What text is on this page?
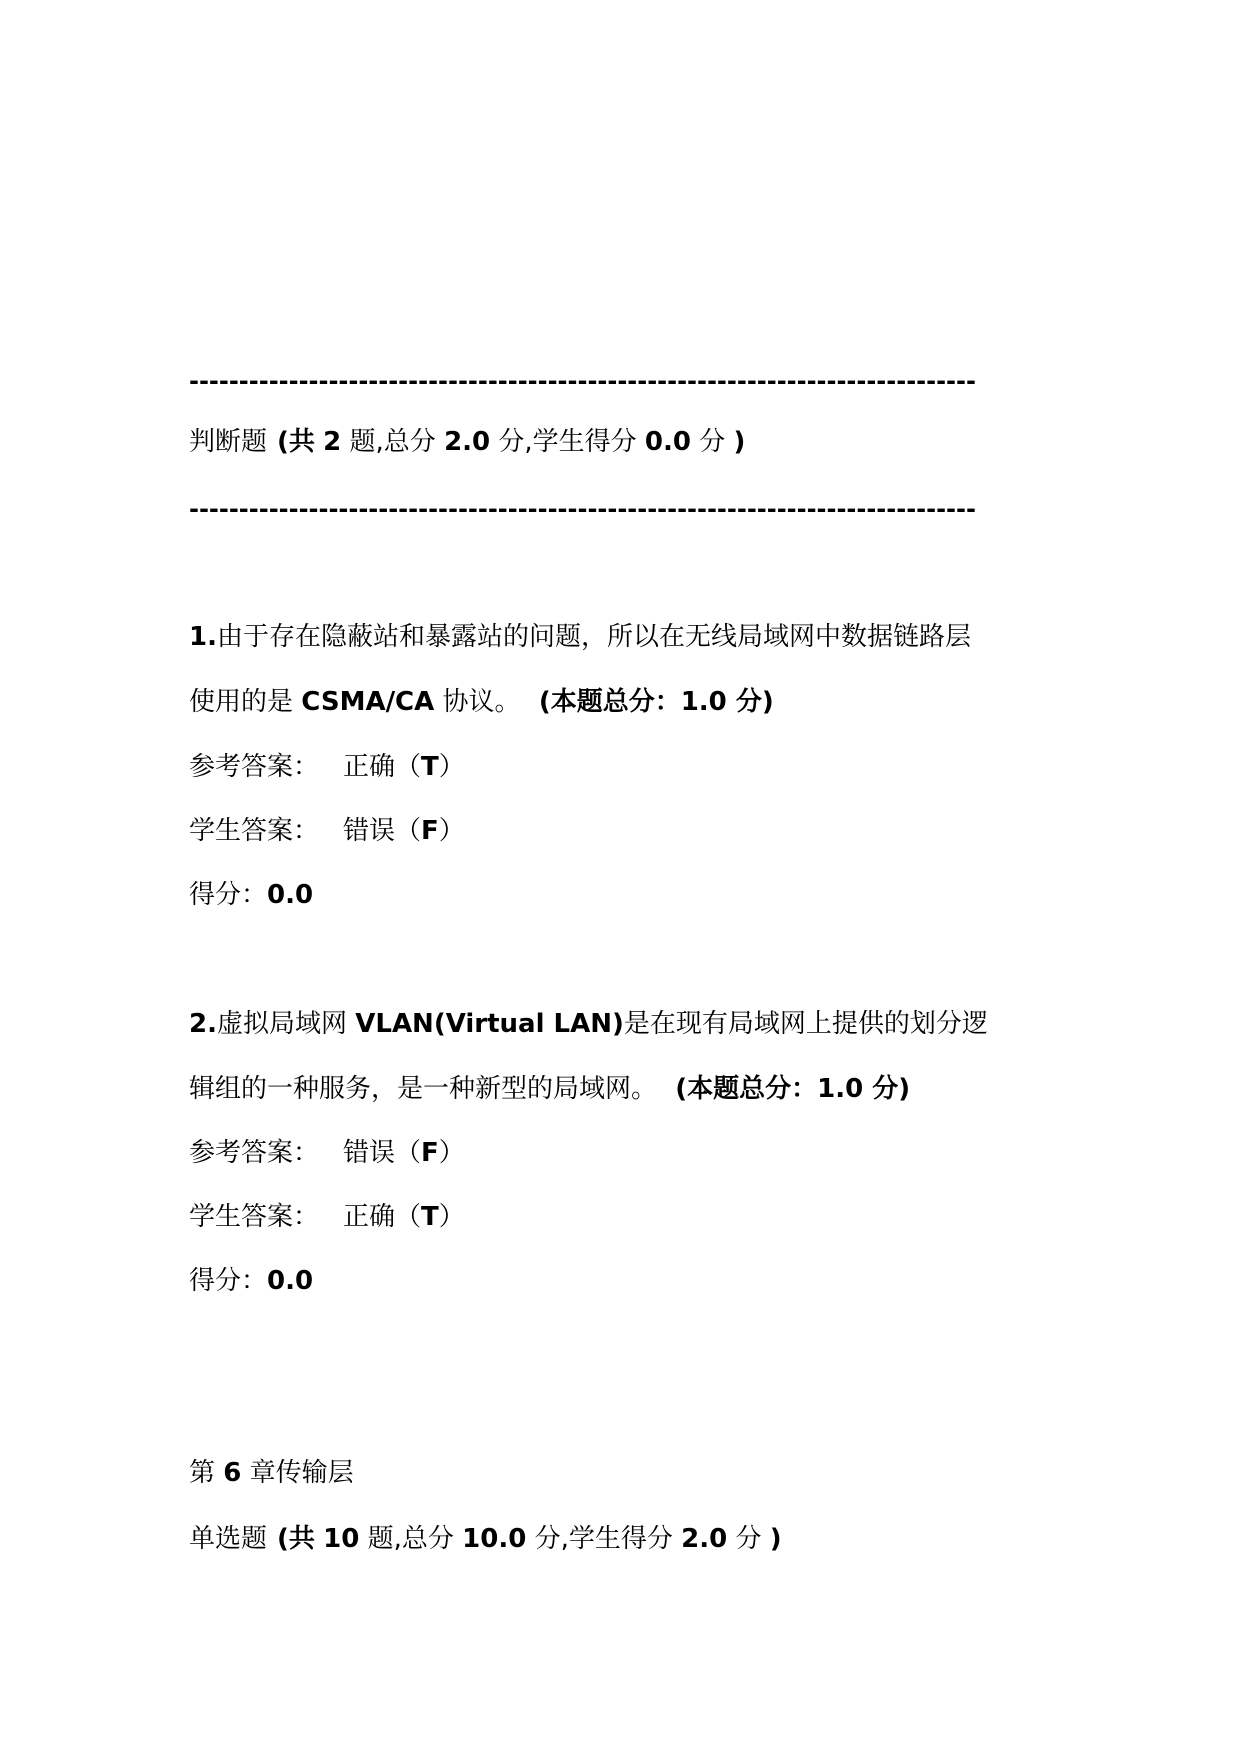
-------------------------------------------------------------------------------
判断题 (共 2 题,总分 2.0 分,学生得分 0.0 分 )
-------------------------------------------------------------------------------
1.由于存在隐蔽站和暴露站的问题，所以在无线局域网中数据链路层
使用的是 CSMA/CA 协议。 (本题总分：1.0 分)
参考答案： 正确（T）
学生答案： 错误（F）
得分：0.0
2.虚拟局域网 VLAN(Virtual LAN)是在现有局域网上提供的划分逻
辑组的一种服务，是一种新型的局域网。 (本题总分：1.0 分)
参考答案： 错误（F）
学生答案： 正确（T）
得分：0.0
第 6 章传输层
单选题 (共 10 题,总分 10.0 分,学生得分 2.0 分 )
